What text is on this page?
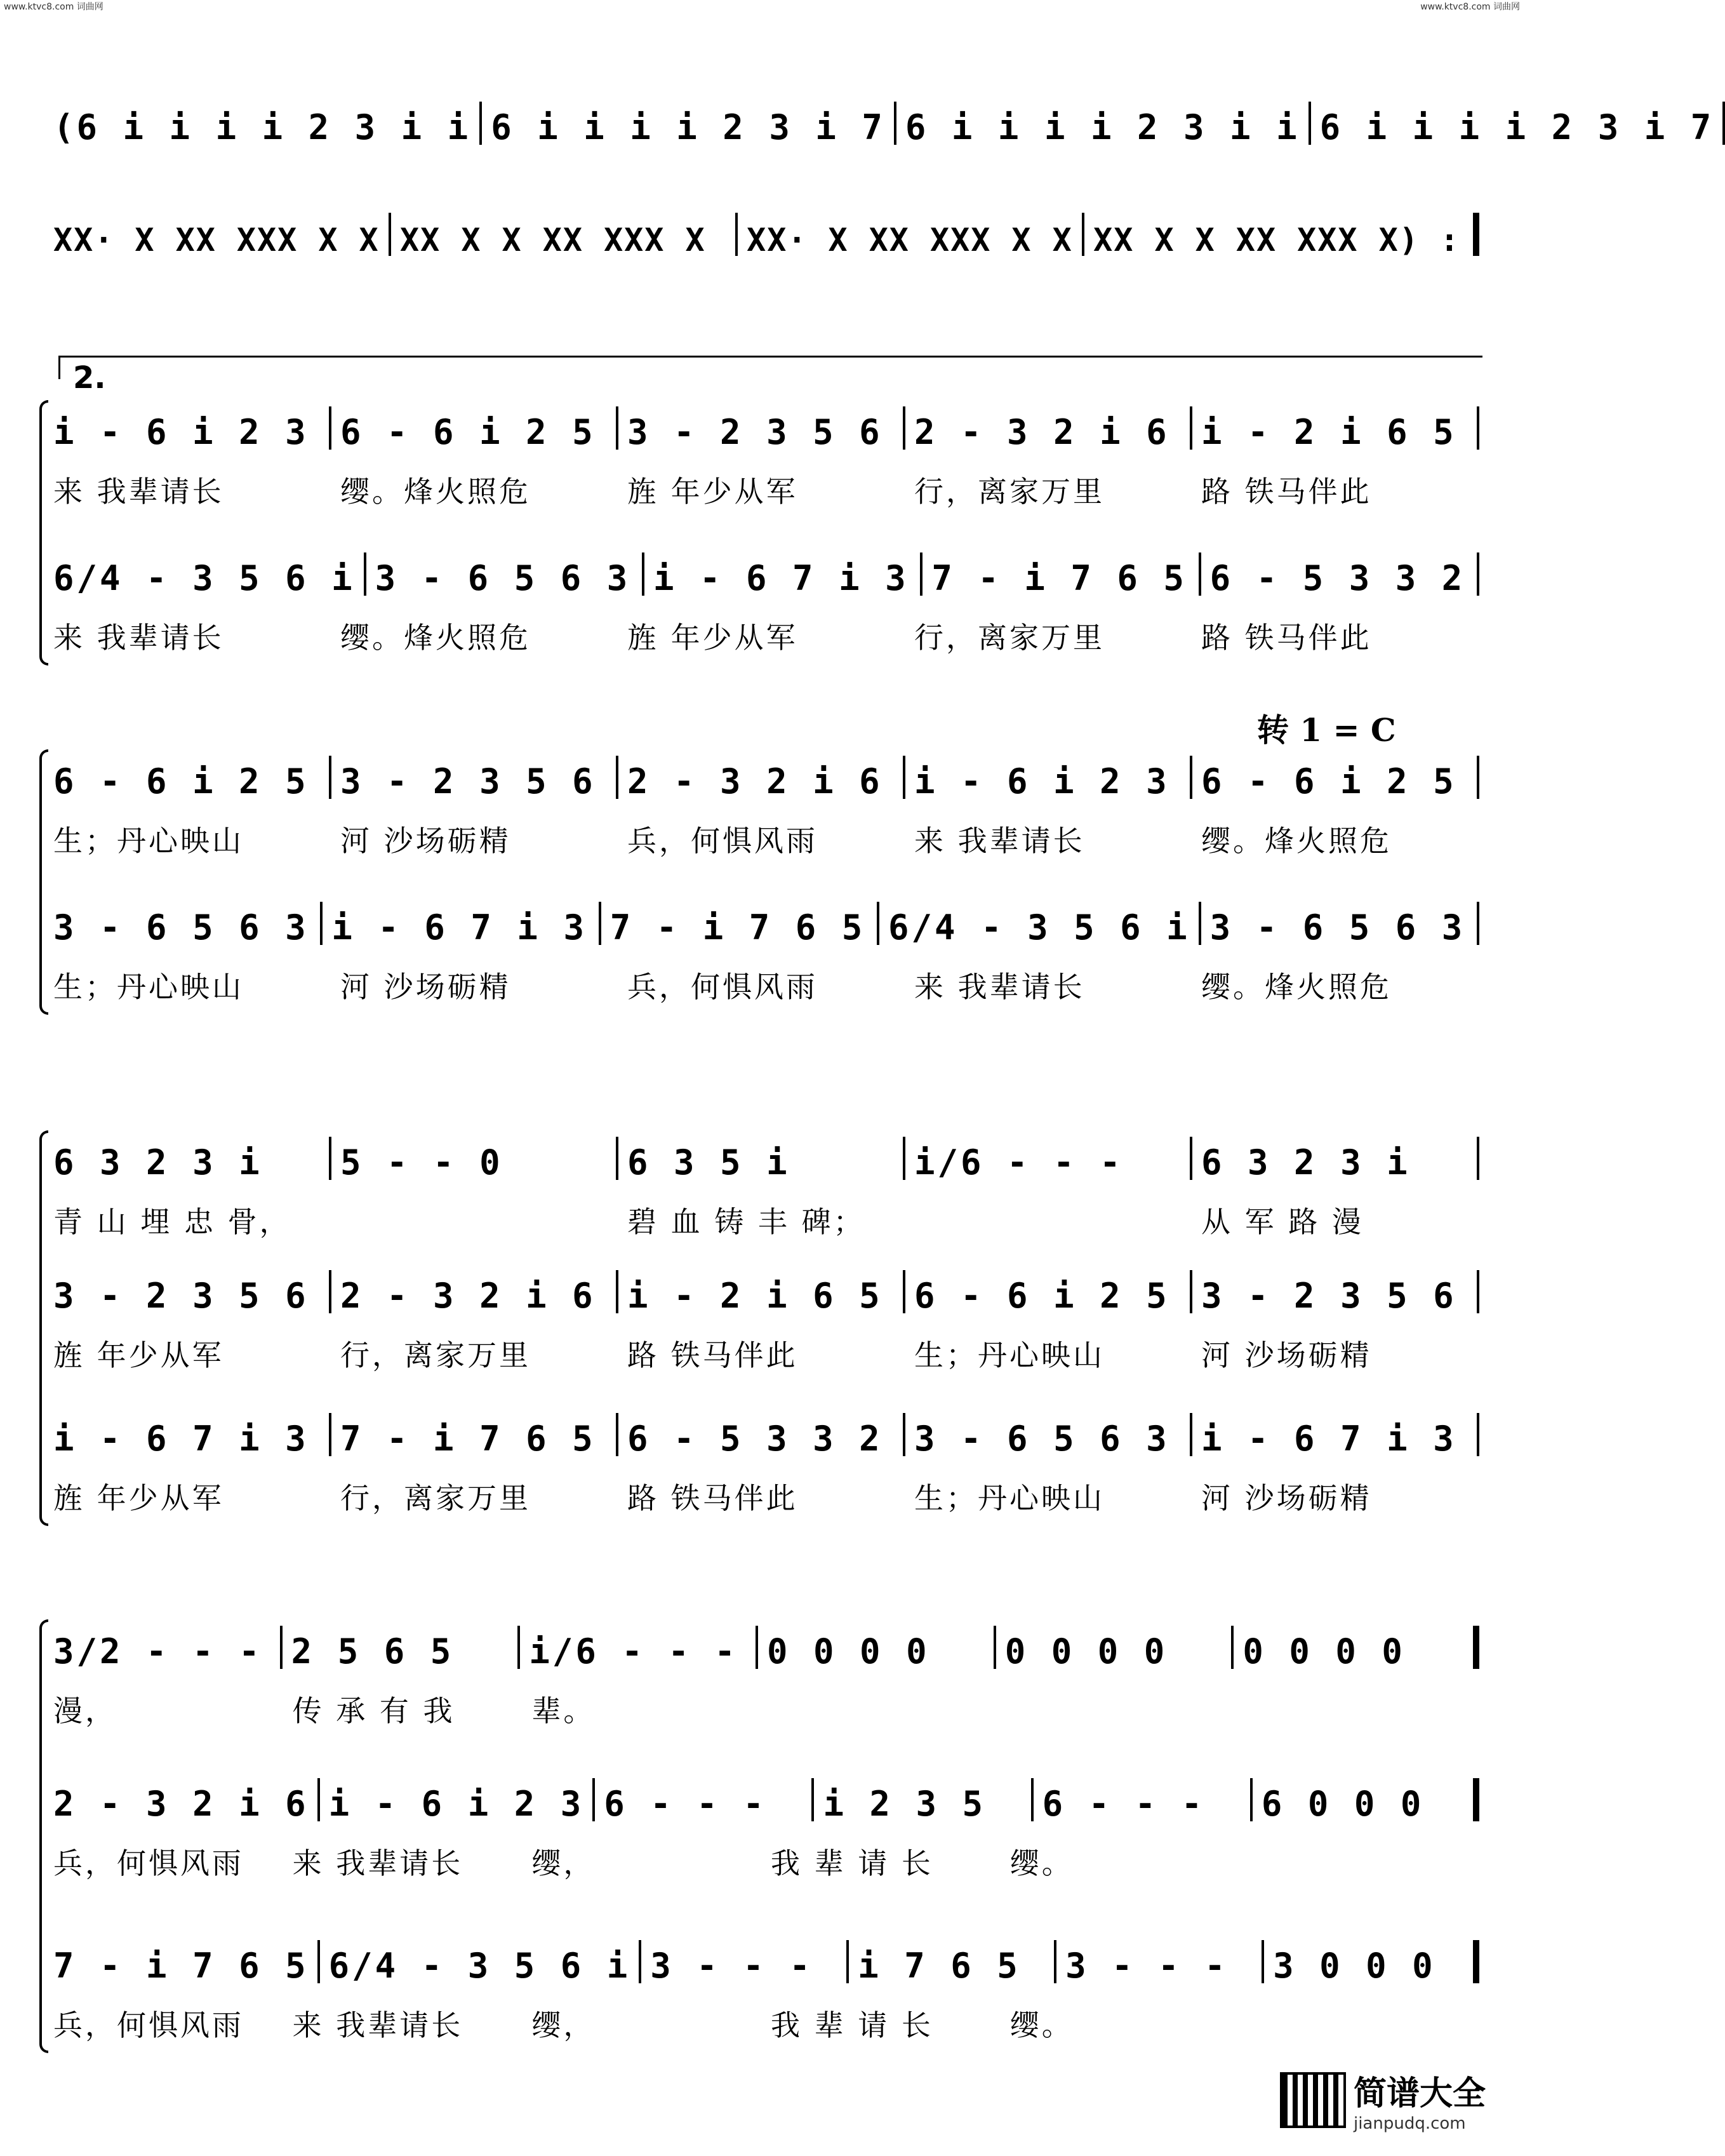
www.ktvc8.com 词曲网	www.ktvc8.com 词曲网
(6 i i i i 2 3 i i 6 i i i i 2 3 i 7 6 i i i i 2 3 i i 6 i i i i 2 3 i 7
XX· X XX XXX X X XX X X XX XXX X	XX· X XX XXX X X XX X X XX XXX X) :
2.
转 1 = C
i - 6 i 2 3 6 - 6 i 2 5 3 - 2 3 5 6 2 - 3 2 i 6 i - 2 i 6 5
来 我辈请长	缨。烽火照危	旌 年少从军	行，离家万里	路 铁马伴此
6/4 - 3 5 6 i 3 - 6 5 6 3 i - 6 7 i 3 7 - i 7 6 5 6 - 5 3 3 2
来 我辈请长	缨。烽火照危	旌 年少从军	行，离家万里	路 铁马伴此
6 - 6 i 2 5 3 - 2 3 5 6 2 - 3 2 i 6 i - 6 i 2 3 6 - 6 i 2 5
生；丹心映山	河 沙场砺精	兵，何惧风雨	来 我辈请长	缨。烽火照危
3 - 6 5 6 3 i - 6 7 i 3 7 - i 7 6 5 6/4 - 3 5 6 i 3 - 6 5 6 3
生；丹心映山	河 沙场砺精	兵，何惧风雨	来 我辈请长	缨。烽火照危
6 3 2 3 i	5 - - 0	6 3 5 i	i/6 - - -	6 3 2 3 i
青 山 埋 忠 骨，	碧 血 铸 丰 碑；	从 军 路 漫
3 - 2 3 5 6 2 - 3 2 i 6 i - 2 i 6 5 6 - 6 i 2 5 3 - 2 3 5 6
旌 年少从军	行，离家万里	路 铁马伴此	生；丹心映山	河 沙场砺精
i - 6 7 i 3 7 - i 7 6 5 6 - 5 3 3 2 3 - 6 5 6 3 i - 6 7 i 3
旌 年少从军	行，离家万里	路 铁马伴此	生；丹心映山	河 沙场砺精
3/2 - - - 2 5 6 5	i/6 - - - 0 0 0 0	0 0 0 0	0 0 0 0
漫，	传 承 有 我	辈。
2 - 3 2 i 6 i - 6 i 2 3 6 - - -	i 2 3 5	6 - - -	6 0 0 0
兵，何惧风雨	来 我辈请长	缨，	我 辈 请 长	缨。
7 - i 7 6 5 6/4 - 3 5 6 i 3 - - -	i 7 6 5	3 - - -	3 0 0 0
兵，何惧风雨	来 我辈请长	缨，	我 辈 请 长	缨。
简谱大全
jianpudq.com
